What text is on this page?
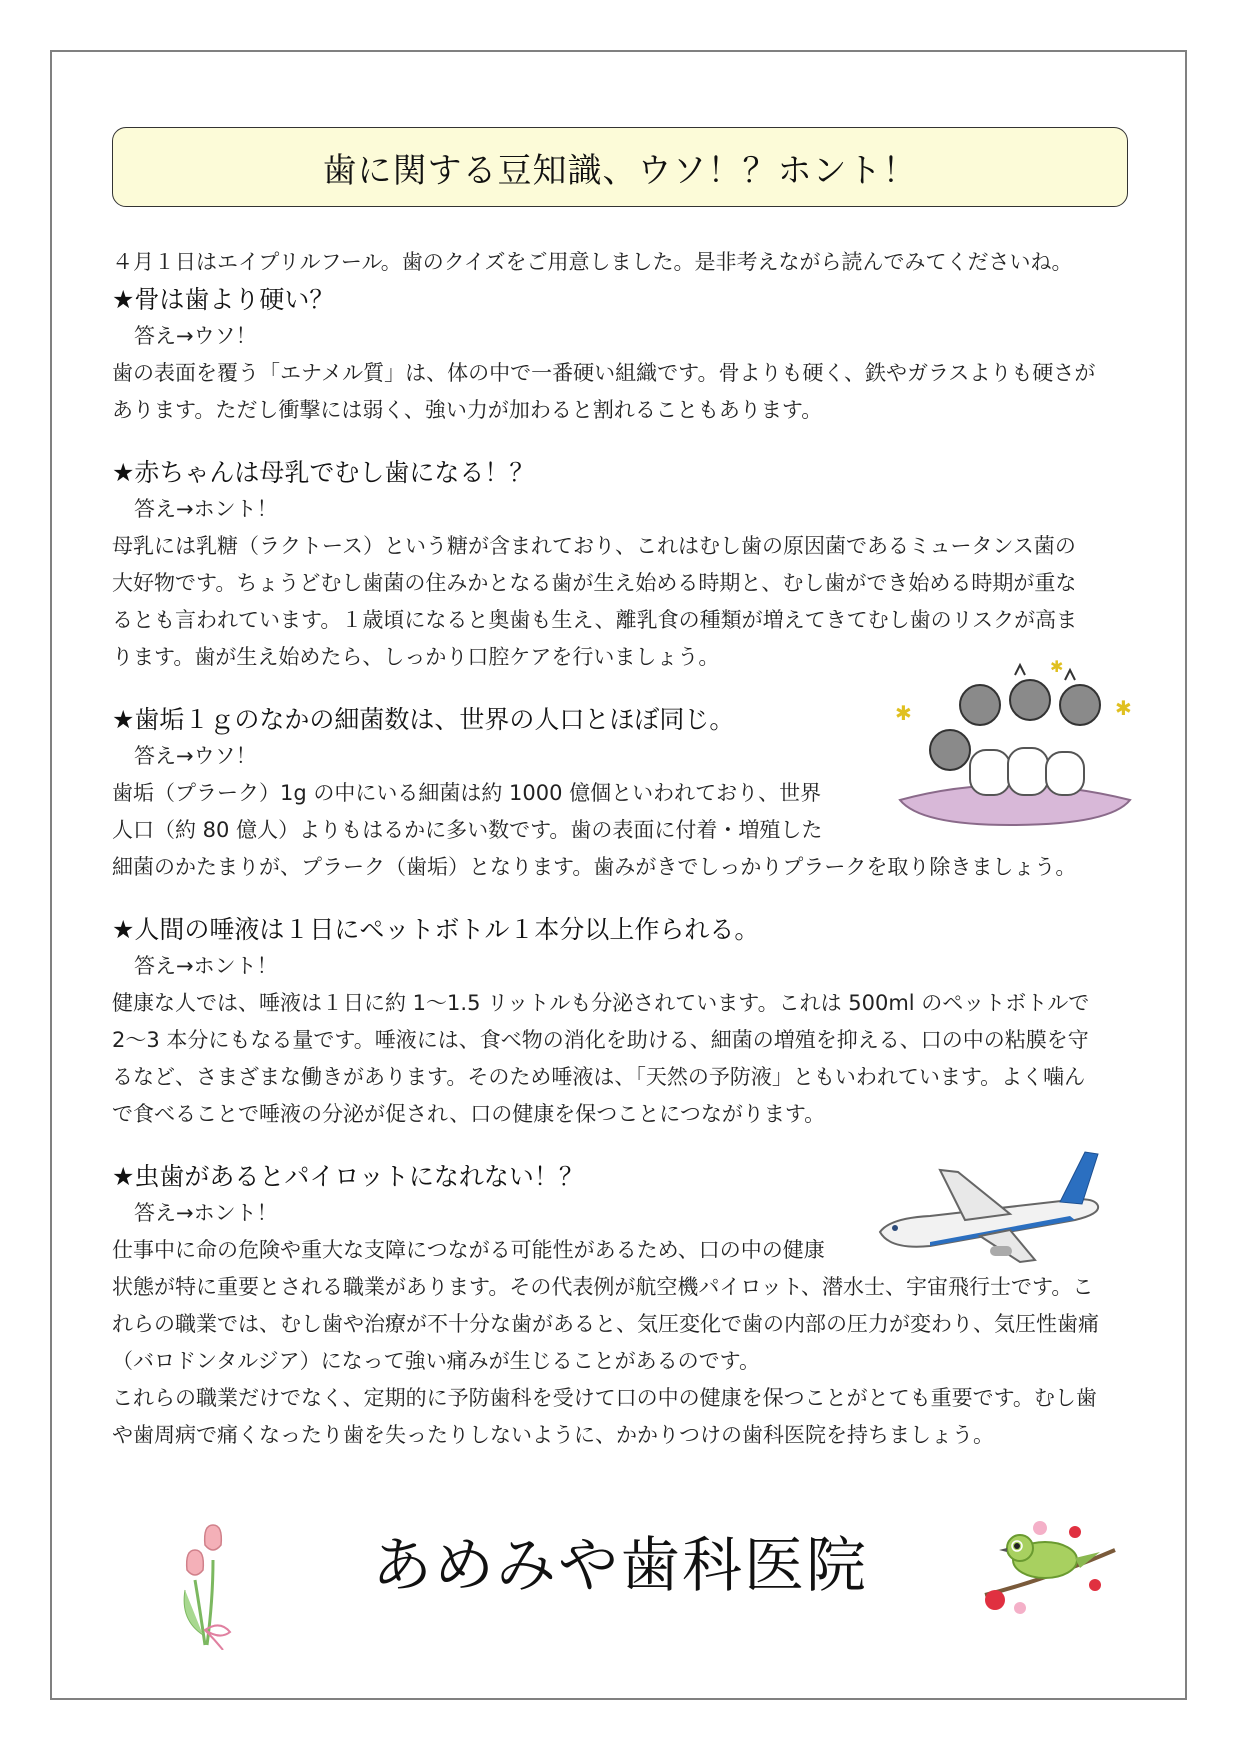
歯に関する豆知識、ウソ！？ホント！
４月１日はエイプリルフール。歯のクイズをご用意しました。是非考えながら読んでみてくださいね。
★骨は歯より硬い？
答え→ウソ！
歯の表面を覆う「エナメル質」は、体の中で一番硬い組織です。骨よりも硬く、鉄やガラスよりも硬さが
あります。ただし衝撃には弱く、強い力が加わると割れることもあります。
★赤ちゃんは母乳でむし歯になる！？
答え→ホント！
母乳には乳糖（ラクトース）という糖が含まれており、これはむし歯の原因菌であるミュータンス菌の
大好物です。ちょうどむし歯菌の住みかとなる歯が生え始める時期と、むし歯ができ始める時期が重な
るとも言われています。１歳頃になると奥歯も生え、離乳食の種類が増えてきてむし歯のリスクが高ま
ります。歯が生え始めたら、しっかり口腔ケアを行いましょう。
★歯垢１ｇのなかの細菌数は、世界の人口とほぼ同じ。
答え→ウソ！
歯垢（プラーク）1g の中にいる細菌は約 1000 億個といわれており、世界
人口（約 80 億人）よりもはるかに多い数です。歯の表面に付着・増殖した
細菌のかたまりが、プラーク（歯垢）となります。歯みがきでしっかりプラークを取り除きましょう。
★人間の唾液は１日にペットボトル１本分以上作られる。
答え→ホント！
健康な人では、唾液は１日に約 1～1.5 リットルも分泌されています。これは 500ml のペットボトルで
2～3 本分にもなる量です。唾液には、食べ物の消化を助ける、細菌の増殖を抑える、口の中の粘膜を守
るなど、さまざまな働きがあります。そのため唾液は、「天然の予防液」ともいわれています。よく噛ん
で食べることで唾液の分泌が促され、口の健康を保つことにつながります。
★虫歯があるとパイロットになれない！？
答え→ホント！
仕事中に命の危険や重大な支障につながる可能性があるため、口の中の健康
状態が特に重要とされる職業があります。その代表例が航空機パイロット、潜水士、宇宙飛行士です。こ
れらの職業では、むし歯や治療が不十分な歯があると、気圧変化で歯の内部の圧力が変わり、気圧性歯痛
（バロドンタルジア）になって強い痛みが生じることがあるのです。
これらの職業だけでなく、定期的に予防歯科を受けて口の中の健康を保つことがとても重要です。むし歯
や歯周病で痛くなったり歯を失ったりしないように、かかりつけの歯科医院を持ちましょう。
✱	✱
✱
あめみや歯科医院
